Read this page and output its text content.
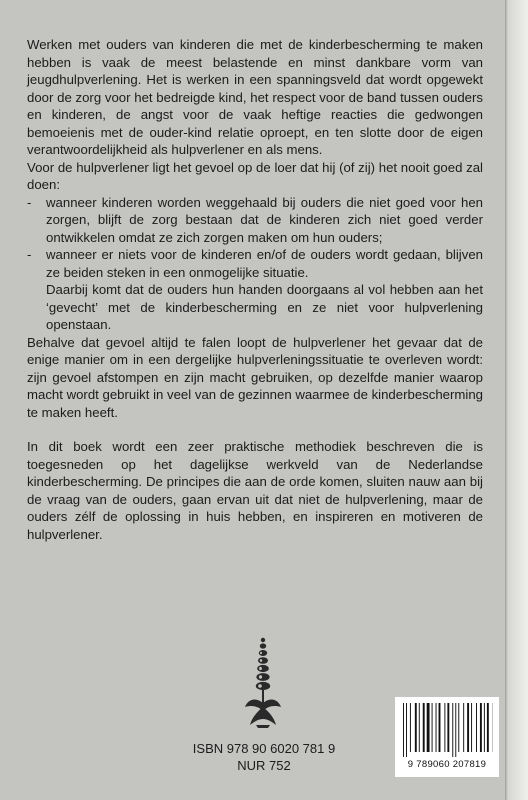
Werken met ouders van kinderen die met de kinderbescherming te maken hebben is vaak de meest belastende en minst dankbare vorm van jeugdhulpverlening. Het is werken in een spanningsveld dat wordt opgewekt door de zorg voor het bedreigde kind, het respect voor de band tussen ouders en kinderen, de angst voor de vaak heftige reacties die gedwongen bemoeienis met de ouder-kind relatie oproept, en ten slotte door de eigen verantwoordelijkheid als hulpverlener en als mens.

Voor de hulpverlener ligt het gevoel op de loer dat hij (of zij) het nooit goed zal doen:

-	wanneer kinderen worden weggehaald bij ouders die niet goed voor hen zorgen, blijft de zorg bestaan dat de kinderen zich niet goed verder ontwikkelen omdat ze zich zorgen maken om hun ouders;
-	wanneer er niets voor de kinderen en/of de ouders wordt gedaan, blijven ze beiden steken in een onmogelijke situatie.

Daarbij komt dat de ouders hun handen doorgaans al vol hebben aan het ‘gevecht’ met de kinderbescherming en ze niet voor hulpverlening openstaan.

Behalve dat gevoel altijd te falen loopt de hulpverlener het gevaar dat de enige manier om in een dergelijke hulpverleningssituatie te overleven wordt: zijn gevoel afstompen en zijn macht gebruiken, op dezelfde manier waarop macht wordt gebruikt in veel van de gezinnen waarmee de kinderbescherming te maken heeft.

In dit boek wordt een zeer praktische methodiek beschreven die is toegesneden op het dagelijkse werkveld van de Nederlandse kinderbescherming. De principes die aan de orde komen, sluiten nauw aan bij de vraag van de ouders, gaan ervan uit dat niet de hulpverlening, maar de ouders zélf de oplossing in huis hebben, en inspireren en motiveren de hulpverlener.

ISBN 978 90 6020 781 9
NUR 752	9 789060 207819
